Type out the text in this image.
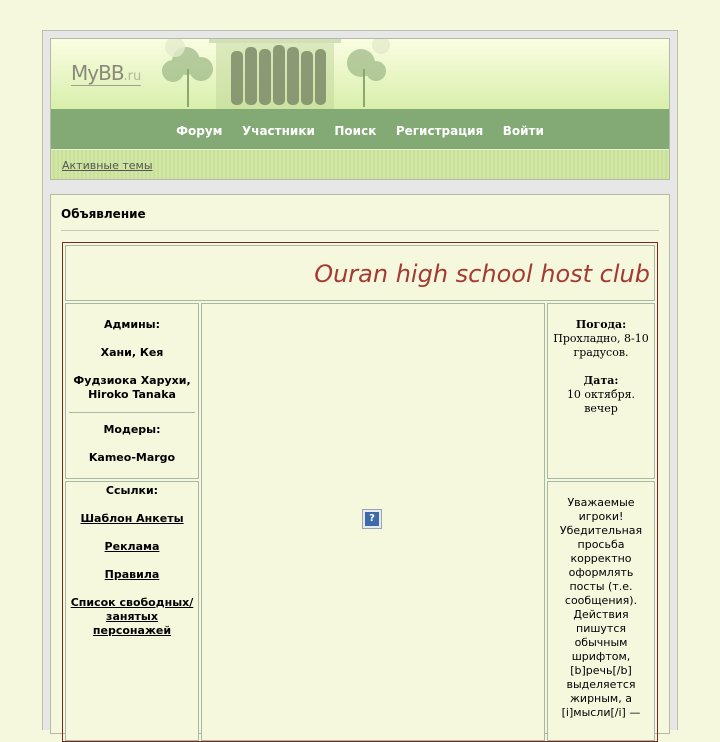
MyBB.ru
Форум Участники Поиск Регистрация Войти
Активные темы
Объявление
Ouran high school host club
Админы:
Хани, Кея
Фудзиока Харухи,
Hiroko Tanaka
Модеры:
Kameo-Margo
Ссылки:
Шаблон Анкеты
Реклама
Правила
Список свободных/
занятых
персонажей
?
Погода:
Прохладно, 8-10
градусов.
Дата:
10 октября.
вечер
Уважаемые
игроки!
Убедительная
просьба
корректно
оформлять
посты (т.е.
сообщения).
Действия
пишутся
обычным
шрифтом,
[b]речь[/b]
выделяется
жирным, а
[i]мысли[/i] —
